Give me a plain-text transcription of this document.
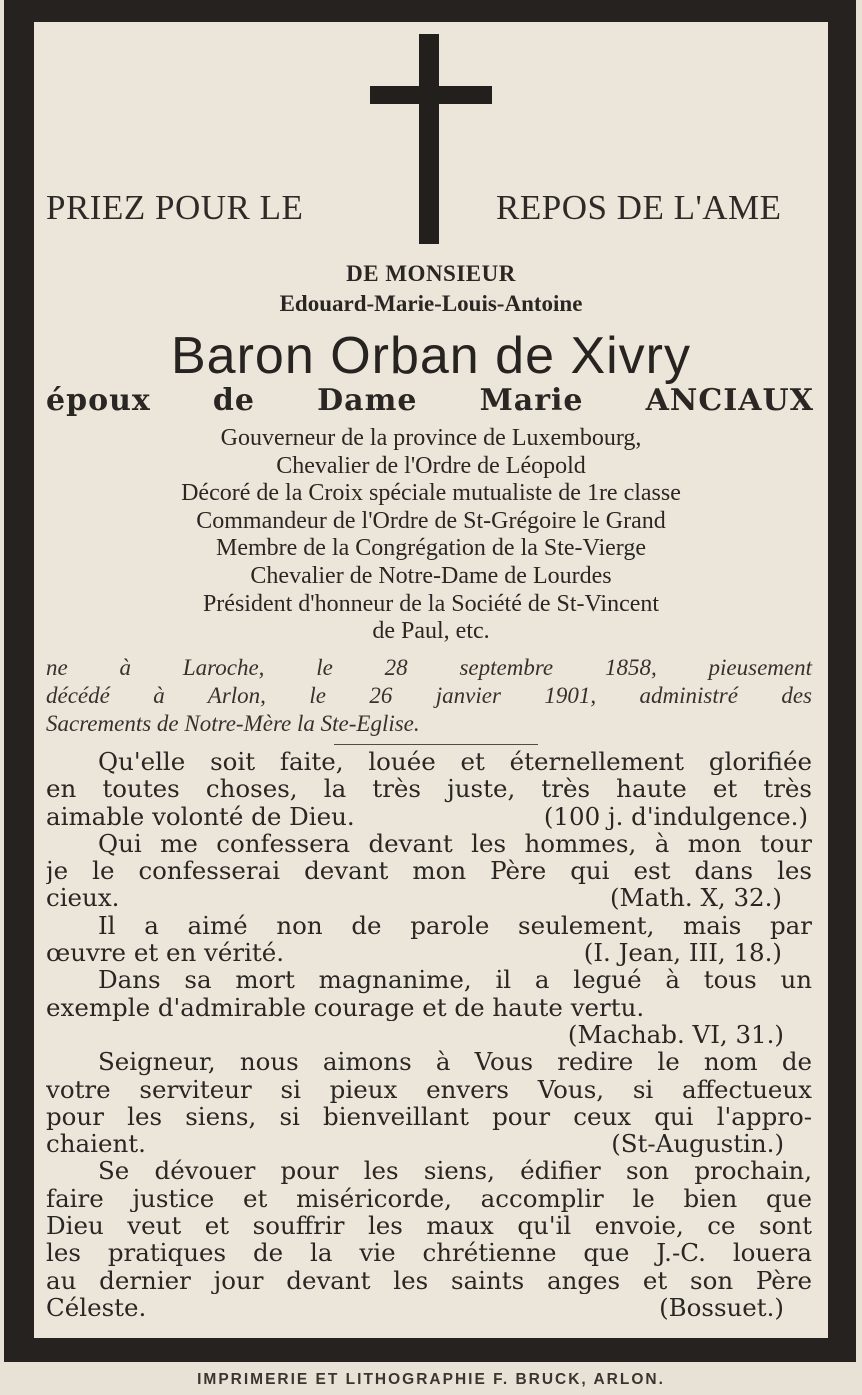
PRIEZ POUR LE	REPOS DE L'AME
DE MONSIEUR
Edouard-Marie-Louis-Antoine
Baron Orban de Xivry
époux de Dame Marie ANCIAUX
Gouverneur de la province de Luxembourg,
Chevalier de l'Ordre de Léopold
Décoré de la Croix spéciale mutualiste de 1re classe
Commandeur de l'Ordre de St-Grégoire le Grand
Membre de la Congrégation de la Ste-Vierge
Chevalier de Notre-Dame de Lourdes
Président d'honneur de la Société de St-Vincent
de Paul, etc.
ne à Laroche, le 28 septembre 1858, pieusement
décédé à Arlon, le 26 janvier 1901, administré des
Sacrements de Notre-Mère la Ste-Eglise.
Qu'elle soit faite, louée et éternellement glorifiée
en toutes choses, la très juste, très haute et très
aimable volonté de Dieu.	(100 j. d'indulgence.)
Qui me confessera devant les hommes, à mon tour
je le confesserai devant mon Père qui est dans les
cieux.	(Math. X, 32.)
Il a aimé non de parole seulement, mais par
œuvre et en vérité.	(I. Jean, III, 18.)
Dans sa mort magnanime, il a legué à tous un
exemple d'admirable courage et de haute vertu.
(Machab. VI, 31.)
Seigneur, nous aimons à Vous redire le nom de
votre serviteur si pieux envers Vous, si affectueux
pour les siens, si bienveillant pour ceux qui l'appro-
chaient.	(St-Augustin.)
Se dévouer pour les siens, édifier son prochain,
faire justice et miséricorde, accomplir le bien que
Dieu veut et souffrir les maux qu'il envoie, ce sont
les pratiques de la vie chrétienne que J.-C. louera
au dernier jour devant les saints anges et son Père
Céleste.	(Bossuet.)
IMPRIMERIE ET LITHOGRAPHIE F. BRUCK, ARLON.
